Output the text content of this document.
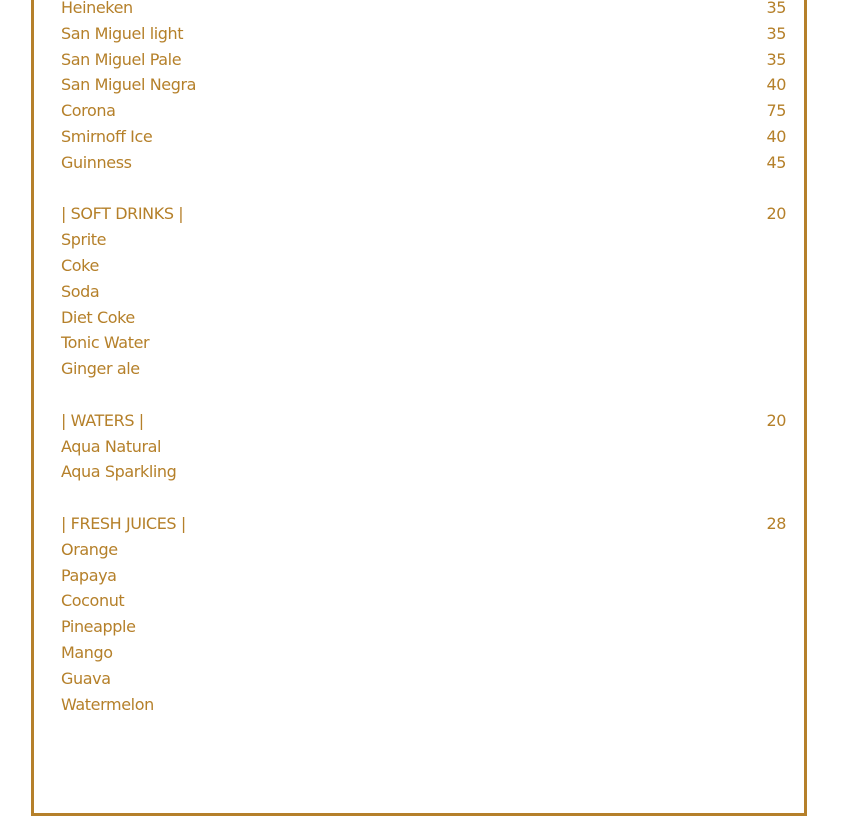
Heineken	35
San Miguel light	35
San Miguel Pale	35
San Miguel Negra	40
Corona	75
Smirnoff Ice	40
Guinness	45
| SOFT DRINKS |	20
Sprite
Coke
Soda
Diet Coke
Tonic Water
Ginger ale
| WATERS |	20
Aqua Natural
Aqua Sparkling
| FRESH JUICES |	28
Orange
Papaya
Coconut
Pineapple
Mango
Guava
Watermelon
